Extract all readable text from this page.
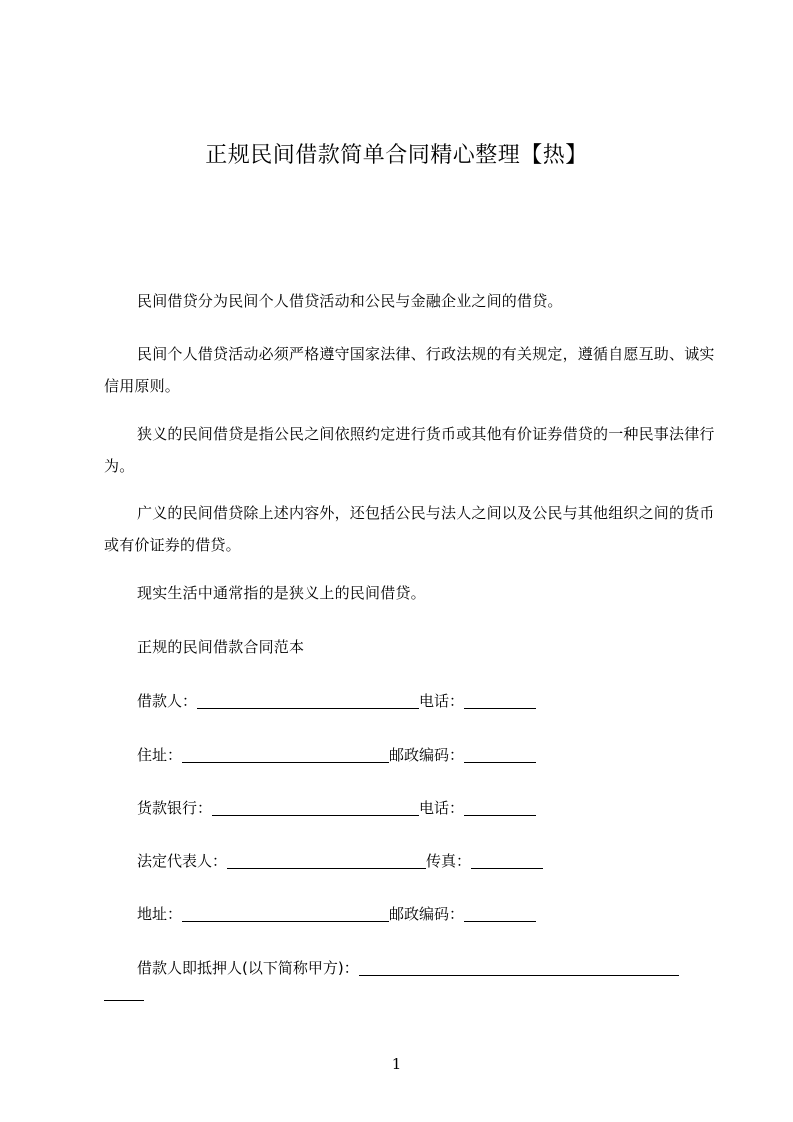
正规民间借款简单合同精心整理【热】
民间借贷分为民间个人借贷活动和公民与金融企业之间的借贷。
民间个人借贷活动必须严格遵守国家法律、行政法规的有关规定，遵循自愿互助、诚实信用原则。
狭义的民间借贷是指公民之间依照约定进行货币或其他有价证券借贷的一种民事法律行为。
广义的民间借贷除上述内容外，还包括公民与法人之间以及公民与其他组织之间的货币或有价证券的借贷。
现实生活中通常指的是狭义上的民间借贷。
正规的民间借款合同范本
借款人：	电话：
住址：	邮政编码：
货款银行：	电话：
法定代表人：	传真：
地址：	邮政编码：
借款人即抵押人(以下简称甲方)：
1
